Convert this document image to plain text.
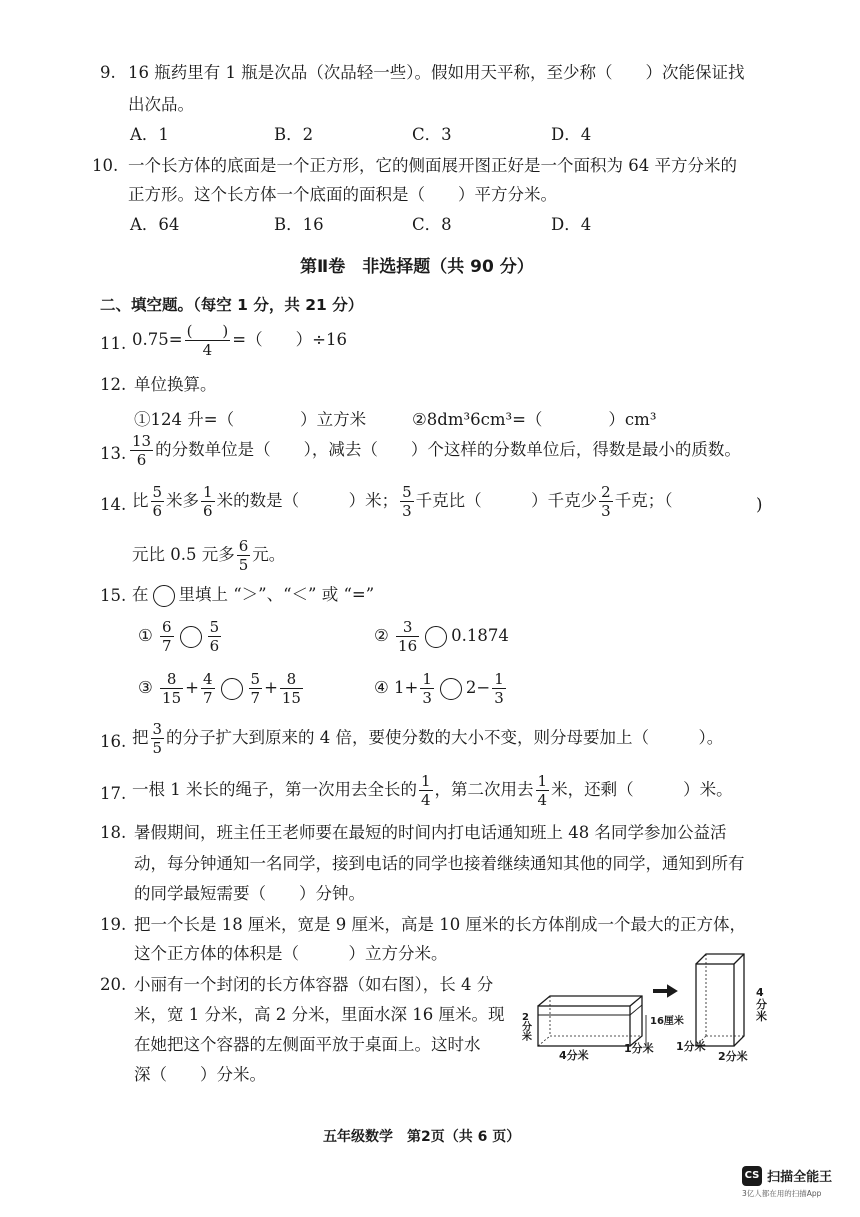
9. 16 瓶药里有 1 瓶是次品（次品轻一些）。假如用天平称，至少称（　　）次能保证找
出次品。
A．1	B．2	C．3	D．4
10. 一个长方体的底面是一个正方形，它的侧面展开图正好是一个面积为 64 平方分米的
正方形。这个长方体一个底面的面积是（　　）平方分米。
A．64	B．16	C．8	D．4
第Ⅱ卷　非选择题（共 90 分）
二、填空题。（每空 1 分，共 21 分）
11. $0.75= \frac{( )}{4}$ =（　　）÷16
12. 单位换算。
①124 升=（　　　　）立方米	②8dm³6cm³=（　　　　）cm³
13. $\frac{13}{6}$ 的分数单位是（　　），减去（　　）个这样的分数单位后，得数是最小的质数。
14. 比 $\frac{5}{6}$ 米多 $\frac{1}{6}$ 米的数是（　　　）米； $\frac{5}{3}$ 千克比（　　　）千克少 $\frac{2}{3}$ 千克；（	)
元比 0.5 元多 $\frac{6}{5}$ 元。
15. 在 里填上 “＞”、“＜” 或 “=”
① $\frac{6}{7} \frac{5}{6}$	② $\frac{3}{16} 0.1874$
③ $\frac{8}{15} + \frac{4}{7} \frac{5}{7} + \frac{8}{15}$	④ $1+ \frac{1}{3} 2- \frac{1}{3}$
16. 把 $\frac{3}{5}$ 的分子扩大到原来的 4 倍，要使分数的大小不变，则分母要加上（　　　）。
17. 一根 1 米长的绳子，第一次用去全长的 $\frac{1}{4}$ ，第二次用去 $\frac{1}{4}$ 米，还剩（　　　）米。
18. 暑假期间，班主任王老师要在最短的时间内打电话通知班上 48 名同学参加公益活
动，每分钟通知一名同学，接到电话的同学也接着继续通知其他的同学，通知到所有
的同学最短需要（　　）分钟。
19. 把一个长是 18 厘米，宽是 9 厘米，高是 10 厘米的长方体削成一个最大的正方体，
这个正方体的体积是（　　　）立方分米。
20. 小丽有一个封闭的长方体容器（如右图），长 4 分
米，宽 1 分米，高 2 分米，里面水深 16 厘米。现
在她把这个容器的左侧面平放于桌面上。这时水
深（　　）分米。
2
分
米
16厘米
4分米
1分米
4
分
米
1分米
2分米
五年级数学　第2页（共 6 页）
CS 扫描全能王
3亿人都在用的扫描App
